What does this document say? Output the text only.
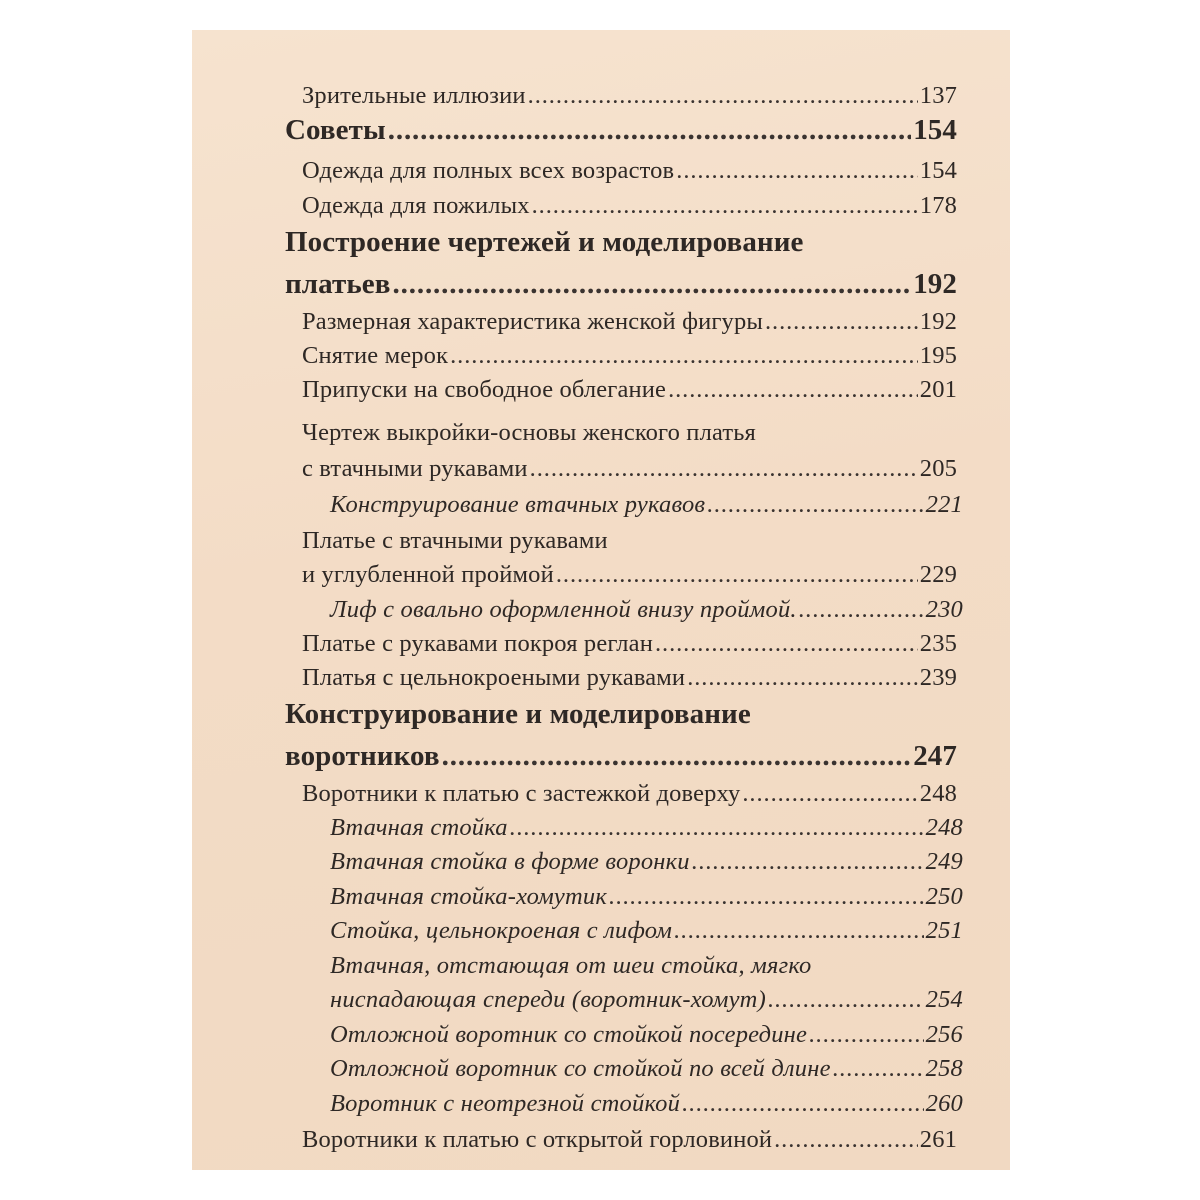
Зрительные иллюзии . . .	137
Советы . . .	154
Одежда для полных всех возрастов . . .	154
Одежда для пожилых . . .	178
Построение чертежей и моделирование
платьев . . .	192
Размерная характеристика женской фигуры . . .	192
Снятие мерок . . .	195
Припуски на свободное облегание . . .	201
Чертеж выкройки-основы женского платья
с втачными рукавами . . .	205
Конструирование втачных рукавов . . .	221
Платье с втачными рукавами
и углубленной проймой . . .	229
Лиф с овально оформленной внизу проймой. . . .	230
Платье с рукавами покроя реглан . . .	235
Платья с цельнокроеными рукавами . . .	239
Конструирование и моделирование
воротников . . .	247
Воротники к платью с застежкой доверху . . .	248
Втачная стойка . . .	248
Втачная стойка в форме воронки . . .	249
Втачная стойка-хомутик . . .	250
Стойка, цельнокроеная с лифом . . .	251
Втачная, отстающая от шеи стойка, мягко
ниспадающая спереди (воротник-хомут) . . .	254
Отложной воротник со стойкой посередине . . .	256
Отложной воротник со стойкой по всей длине . . .	258
Воротник с неотрезной стойкой . . .	260
Воротники к платью с открытой горловиной . . .	261
